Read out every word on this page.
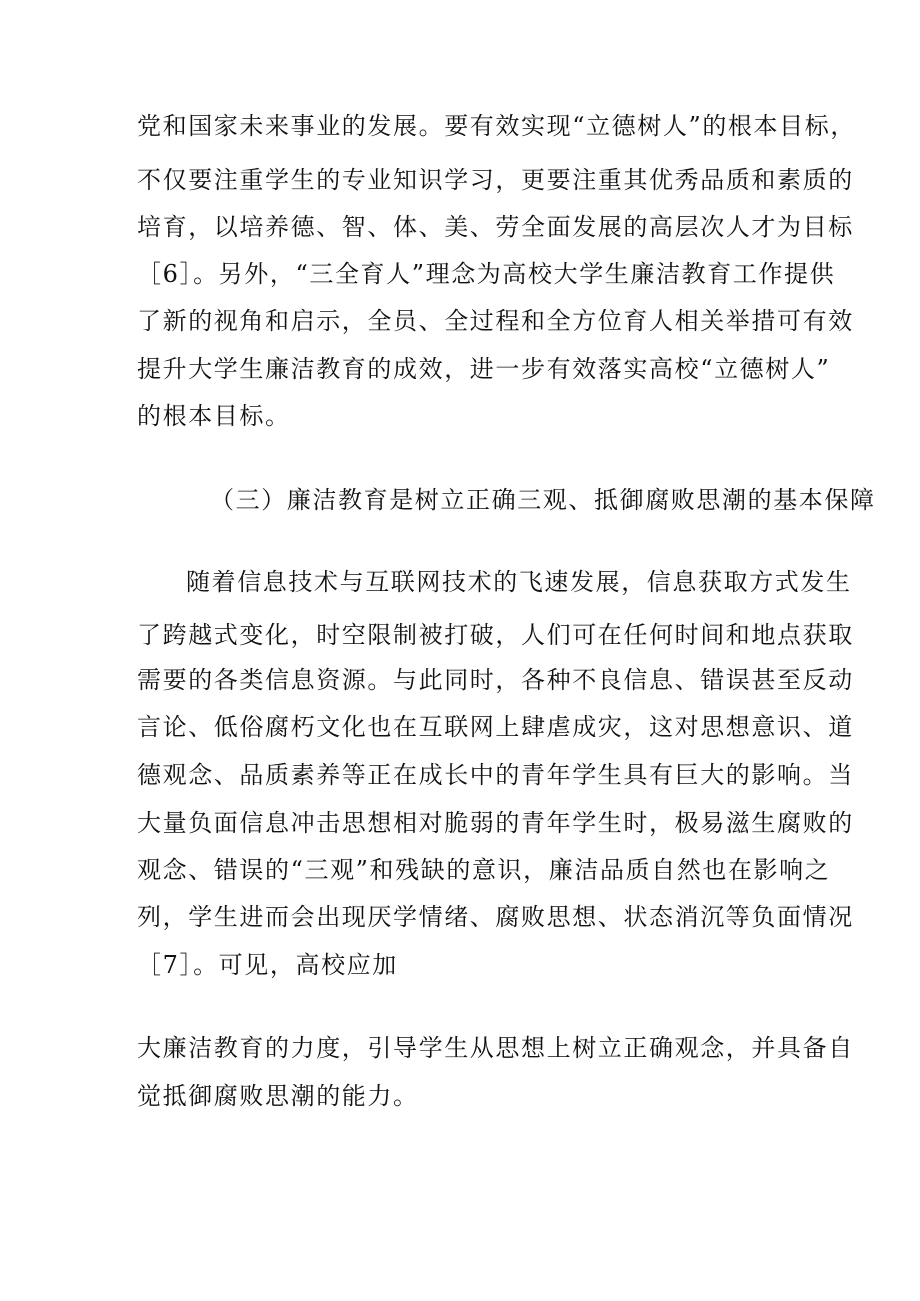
党和国家未来事业的发展。要有效实现“立德树人”的根本目标，
不仅要注重学生的专业知识学习，更要注重其优秀品质和素质的
培育，以培养德、智、体、美、劳全面发展的高层次人才为目标
［6］。另外，“三全育人”理念为高校大学生廉洁教育工作提供
了新的视角和启示，全员、全过程和全方位育人相关举措可有效
提升大学生廉洁教育的成效，进一步有效落实高校“立德树人”
的根本目标。
（三）廉洁教育是树立正确三观、抵御腐败思潮的基本保障
随着信息技术与互联网技术的飞速发展，信息获取方式发生
了跨越式变化，时空限制被打破，人们可在任何时间和地点获取
需要的各类信息资源。与此同时，各种不良信息、错误甚至反动
言论、低俗腐朽文化也在互联网上肆虐成灾，这对思想意识、道
德观念、品质素养等正在成长中的青年学生具有巨大的影响。当
大量负面信息冲击思想相对脆弱的青年学生时，极易滋生腐败的
观念、错误的“三观”和残缺的意识，廉洁品质自然也在影响之
列，学生进而会出现厌学情绪、腐败思想、状态消沉等负面情况
［7］。可见，高校应加
大廉洁教育的力度，引导学生从思想上树立正确观念，并具备自
觉抵御腐败思潮的能力。
